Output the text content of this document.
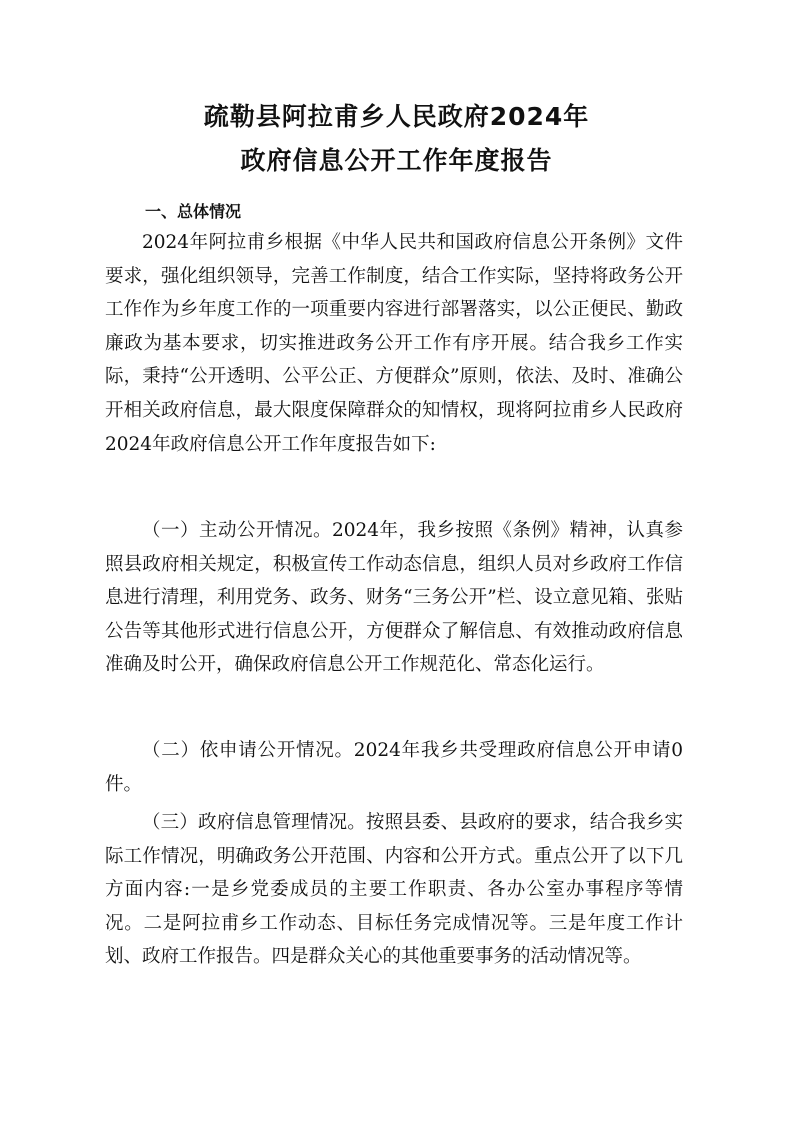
疏勒县阿拉甫乡人民政府2024年
政府信息公开工作年度报告
一、总体情况

2024年阿拉甫乡根据《中华人民共和国政府信息公开条例》文件要求，强化组织领导，完善工作制度，结合工作实际，坚持将政务公开工作作为乡年度工作的一项重要内容进行部署落实，以公正便民、勤政廉政为基本要求，切实推进政务公开工作有序开展。结合我乡工作实际，秉持“公开透明、公平公正、方便群众”原则，依法、及时、准确公开相关政府信息，最大限度保障群众的知情权，现将阿拉甫乡人民政府2024年政府信息公开工作年度报告如下:

（一）主动公开情况。2024年，我乡按照《条例》精神，认真参照县政府相关规定，积极宣传工作动态信息，组织人员对乡政府工作信息进行清理，利用党务、政务、财务“三务公开”栏、设立意见箱、张贴公告等其他形式进行信息公开，方便群众了解信息、有效推动政府信息准确及时公开，确保政府信息公开工作规范化、常态化运行。

（二）依申请公开情况。2024年我乡共受理政府信息公开申请0件。

（三）政府信息管理情况。按照县委、县政府的要求，结合我乡实际工作情况，明确政务公开范围、内容和公开方式。重点公开了以下几方面内容:一是乡党委成员的主要工作职责、各办公室办事程序等情况。二是阿拉甫乡工作动态、目标任务完成情况等。三是年度工作计划、政府工作报告。四是群众关心的其他重要事务的活动情况等。
